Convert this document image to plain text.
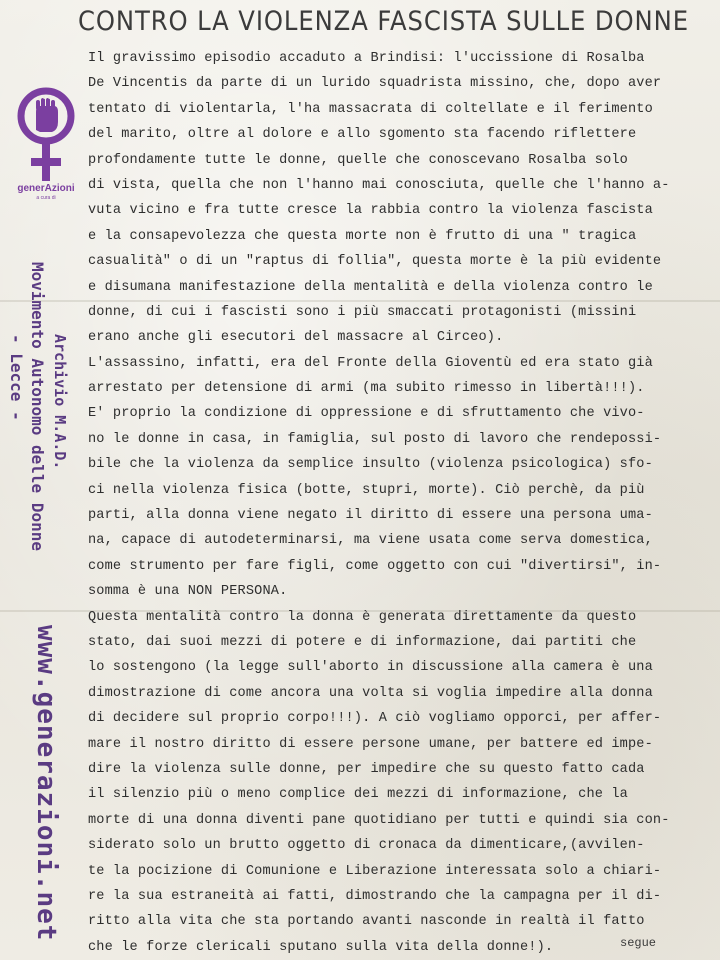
CONTRO LA VIOLENZA FASCISTA SULLE DONNE
Il gravissimo episodio accaduto a Brindisi: l'uccissione di Rosalba
De Vincentis da parte di un lurido squadrista missino, che, dopo aver
tentato di violentarla, l'ha massacrata di coltellate e il ferimento
del marito, oltre al dolore e allo sgomento sta facendo riflettere
profondamente tutte le donne, quelle che conoscevano Rosalba solo
di vista, quella che non l'hanno mai conosciuta, quelle che l'hanno a-
vuta vicino e fra tutte cresce la rabbia contro la violenza fascista
e la consapevolezza che questa morte non è frutto di una " tragica
casualità" o di un "raptus di follia", questa morte è la più evidente
e disumana manifestazione della mentalità e della violenza contro le
donne, di cui i fascisti sono i più smaccati protagonisti (missini
erano anche gli esecutori del massacre al Circeo).
L'assassino, infatti, era del Fronte della Gioventù ed era stato già
arrestato per detensione di armi (ma subito rimesso in libertà!!!).
E' proprio la condizione di oppressione e di sfruttamento che vivo-
no le donne in casa, in famiglia, sul posto di lavoro che rendepossi-
bile che la violenza da semplice insulto (violenza psicologica) sfo-
ci nella violenza fisica (botte, stupri, morte). Ciò perchè, da più
parti, alla donna viene negato il diritto di essere una persona uma-
na, capace di autodeterminarsi, ma viene usata come serva domestica,
come strumento per fare figli, come oggetto con cui "divertirsi", in-
somma è una NON PERSONA.
Questa mentalità contro la donna è generata direttamente da questo
stato, dai suoi mezzi di potere e di informazione, dai partiti che
lo sostengono (la legge sull'aborto in discussione alla camera è una
dimostrazione di come ancora una volta si voglia impedire alla donna
di decidere sul proprio corpo!!!). A ciò vogliamo opporci, per affer-
mare il nostro diritto di essere persone umane, per battere ed impe-
dire la violenza sulle donne, per impedire che su questo fatto cada
il silenzio più o meno complice dei mezzi di informazione, che la
morte di una donna diventi pane quotidiano per tutti e quindi sia con-
siderato solo un brutto oggetto di cronaca da dimenticare,(avvilen-
te la pocizione di Comunione e Liberazione interessata solo a chiari-
re la sua estraneità ai fatti, dimostrando che la campagna per il di-
ritto alla vita che sta portando avanti nasconde in realtà il fatto
che le forze clericali sputano sulla vita della donne!).	segue
generAzioni
a cura di
Archivio M.A.D.
Movimento Autonomo delle Donne
- Lecce -
www.generazioni.net
